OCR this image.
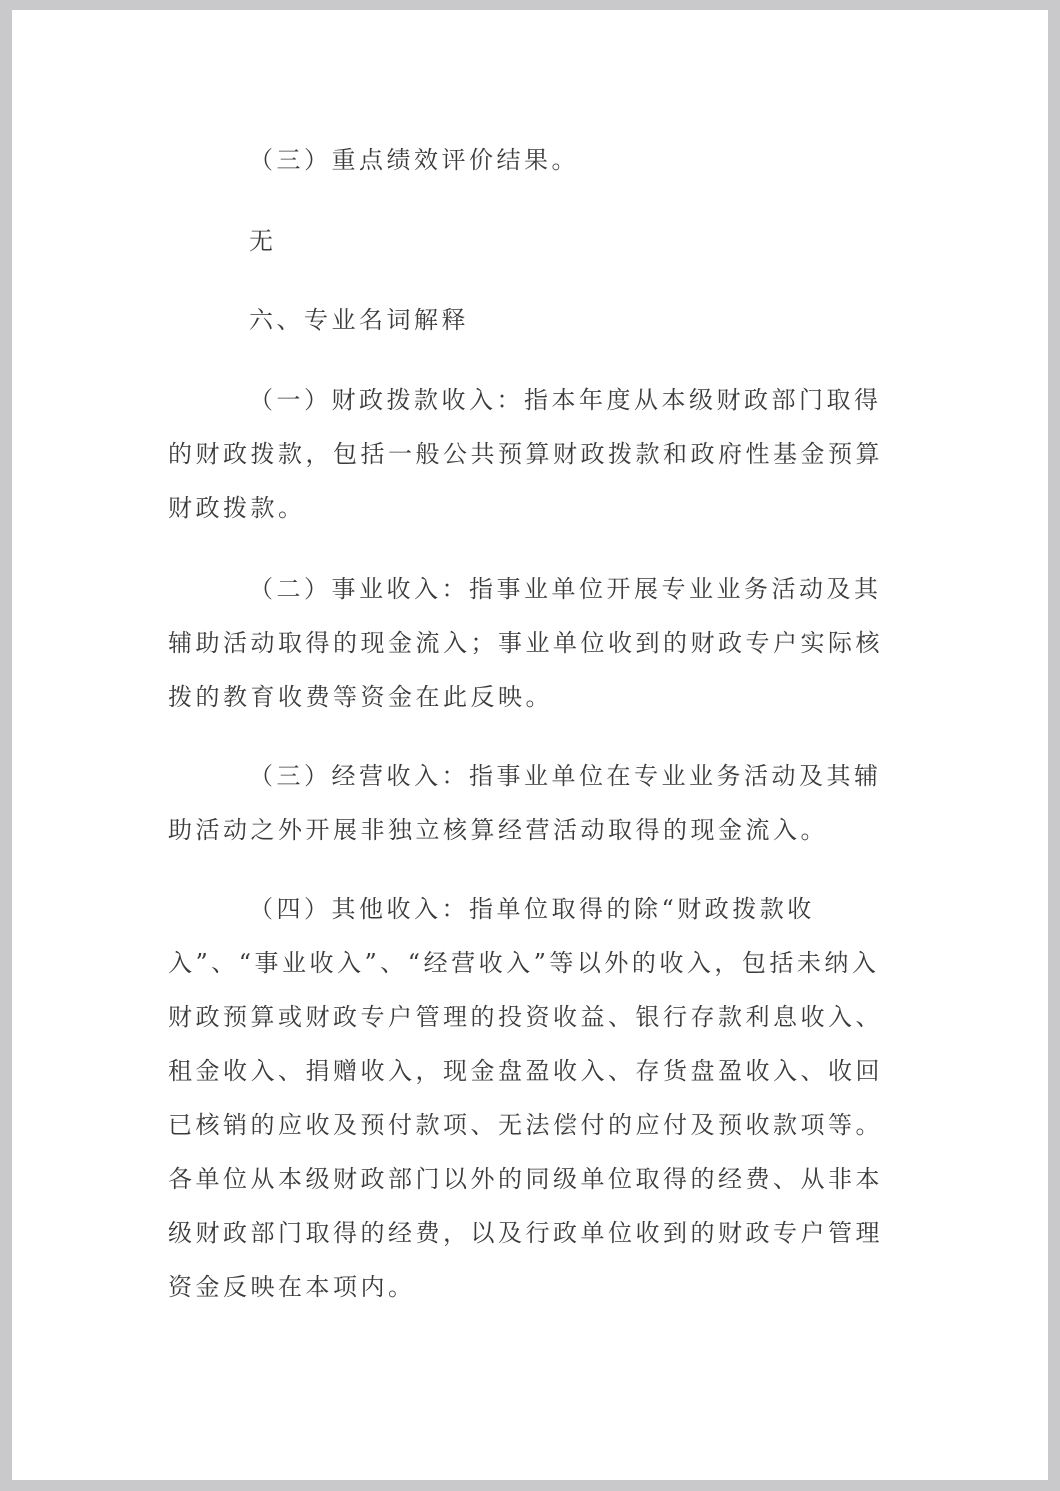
（三）重点绩效评价结果。

无

六、专业名词解释

（一）财政拨款收入：指本年度从本级财政部门取得的财政拨款，包括一般公共预算财政拨款和政府性基金预算财政拨款。

（二）事业收入：指事业单位开展专业业务活动及其辅助活动取得的现金流入；事业单位收到的财政专户实际核拨的教育收费等资金在此反映。

（三）经营收入：指事业单位在专业业务活动及其辅助活动之外开展非独立核算经营活动取得的现金流入。

（四）其他收入：指单位取得的除“财政拨款收入”、“事业收入”、“经营收入”等以外的收入，包括未纳入财政预算或财政专户管理的投资收益、银行存款利息收入、租金收入、捐赠收入，现金盘盈收入、存货盘盈收入、收回已核销的应收及预付款项、无法偿付的应付及预收款项等。各单位从本级财政部门以外的同级单位取得的经费、从非本级财政部门取得的经费，以及行政单位收到的财政专户管理资金反映在本项内。
